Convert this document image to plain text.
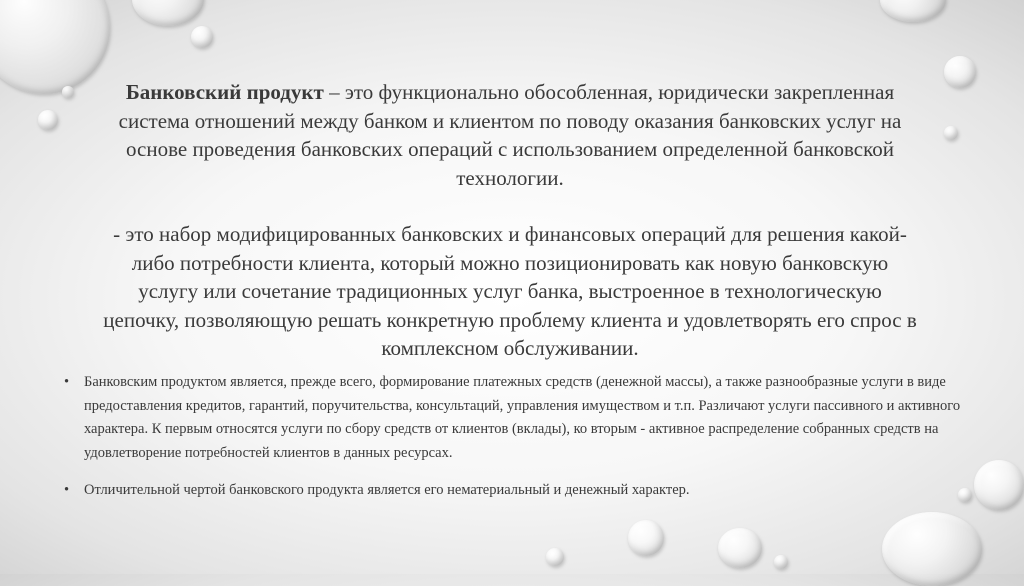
Банковский продукт – это функционально обособленная, юридически закрепленная система отношений между банком и клиентом по поводу оказания банковских услуг на основе проведения банковских операций с использованием определенной банковской технологии.

- это набор модифицированных банковских и финансовых операций для решения какой-либо потребности клиента, который можно позиционировать как новую банковскую услугу или сочетание традиционных услуг банка, выстроенное в технологическую цепочку, позволяющую решать конкретную проблему клиента и удовлетворять его спрос в комплексном обслуживании.

• Банковским продуктом является, прежде всего, формирование платежных средств (денежной массы), а также разнообразные услуги в виде предоставления кредитов, гарантий, поручительства, консультаций, управления имуществом и т.п. Различают услуги пассивного и активного характера. К первым относятся услуги по сбору средств от клиентов (вклады), ко вторым - активное распределение собранных средств на удовлетворение потребностей клиентов в данных ресурсах.
• Отличительной чертой банковского продукта является его нематериальный и денежный характер.
